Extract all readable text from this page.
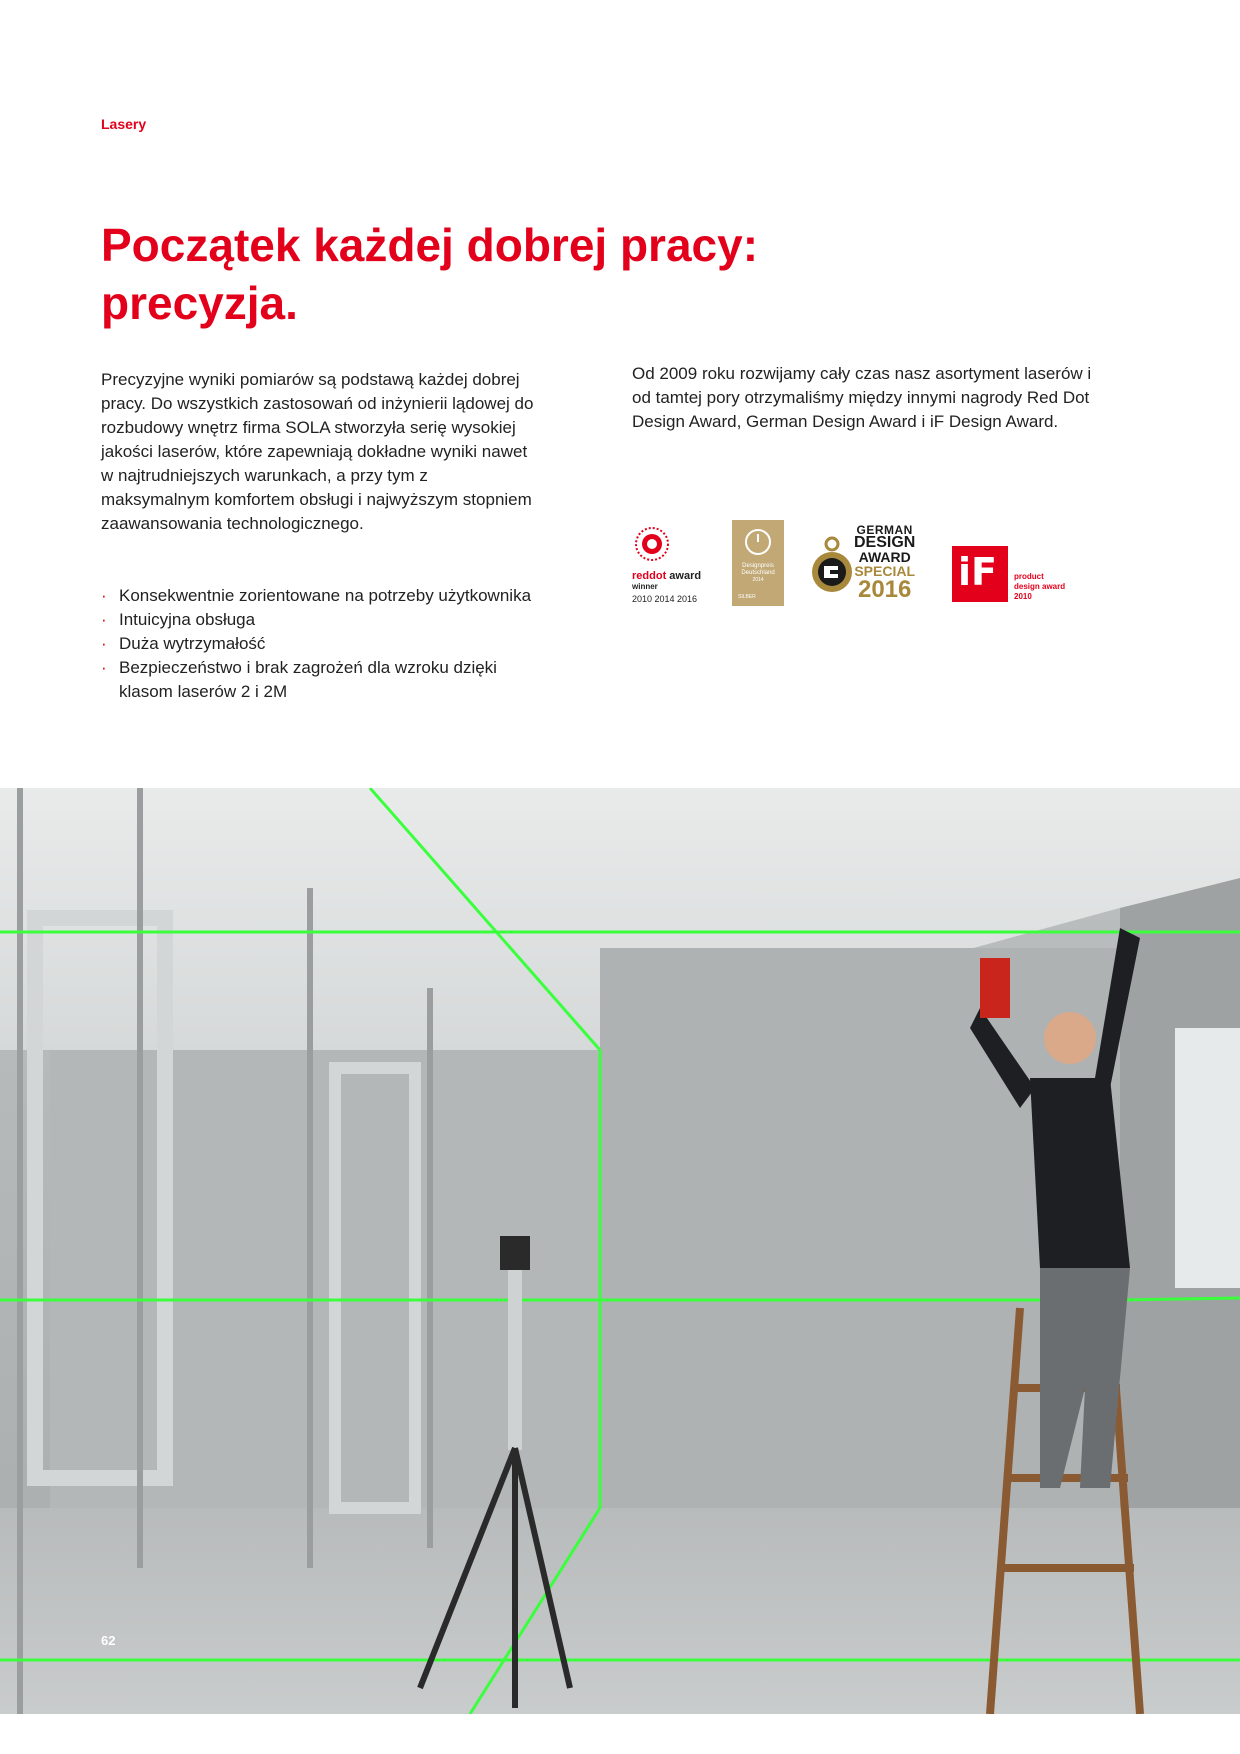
Lasery
Początek każdej dobrej pracy:
precyzja.

Precyzyjne wyniki pomiarów są podstawą każdej dobrej pracy. Do wszystkich zastosowań od inżynierii lądowej do rozbudowy wnętrz firma SOLA stworzyła serię wysokiej jakości laserów, które zapewniają dokładne wyniki nawet w najtrudniejszych warunkach, a przy tym z maksymalnym komfortem obsługi i najwyższym stopniem zaawansowania technologicznego.

· Konsekwentnie zorientowane na potrzeby użytkownika
· Intuicyjna obsługa
· Duża wytrzymałość
· Bezpieczeństwo i brak zagrożeń dla wzroku dzięki klasom laserów 2 i 2M

Od 2009 roku rozwijamy cały czas nasz asortyment laserów i od tamtej pory otrzymaliśmy między innymi nagrody Red Dot Design Award, German Design Award i iF Design Award.

reddot award
winner
2010 2014 2016
Designpreis
Deutschland
2014
SILBER
GERMAN
DESIGN
AWARD
SPECIAL
2016 iF product
design award
2010
62
